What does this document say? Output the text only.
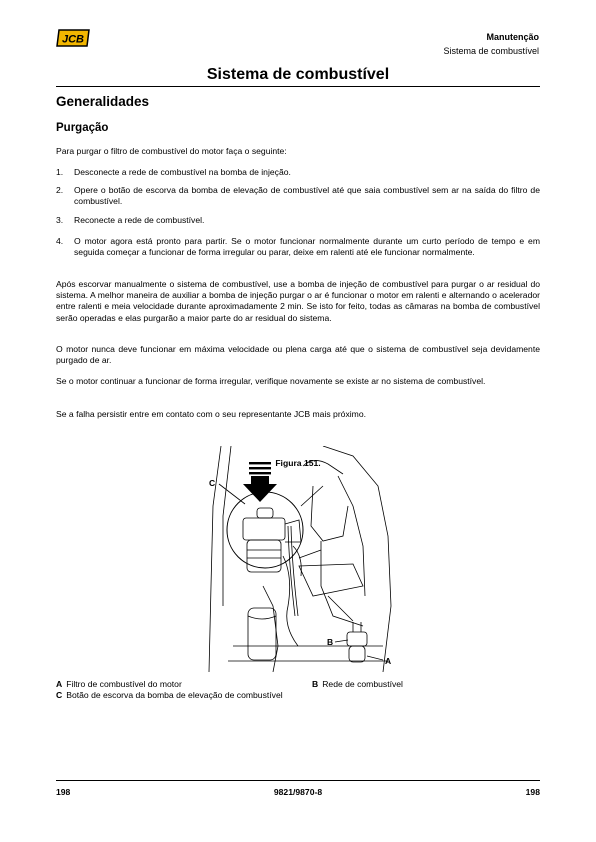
JCB	Manutenção
Sistema de combustível
Sistema de combustível
Generalidades
Purgação
Para purgar o filtro de combustível do motor faça o seguinte:
1. Desconecte a rede de combustível na bomba de injeção.
2. Opere o botão de escorva da bomba de elevação de combustível até que saia combustível sem ar na saída do filtro de combustível.
3. Reconecte a rede de combustível.
4. O motor agora está pronto para partir. Se o motor funcionar normalmente durante um curto período de tempo e em seguida começar a funcionar de forma irregular ou parar, deixe em ralenti até ele funcionar normalmente.
Após escorvar manualmente o sistema de combustível, use a bomba de injeção de combustível para purgar o ar residual do sistema. A melhor maneira de auxiliar a bomba de injeção purgar o ar é funcionar o motor em ralenti e alternando o acelerador entre ralenti e meia velocidade durante aproximadamente 2 min. Se isto for feito, todas as câmaras na bomba de combustível serão operadas e elas purgarão a maior parte do ar residual do sistema.
O motor nunca deve funcionar em máxima velocidade ou plena carga até que o sistema de combustível seja devidamente purgado de ar.
Se o motor continuar a funcionar de forma irregular, verifique novamente se existe ar no sistema de combustível.
Se a falha persistir entre em contato com o seu representante JCB mais próximo.
Figura 151.
C
B
A
A Filtro de combustível do motor
C Botão de escorva da bomba de elevação de combustível
B Rede de combustível
198	9821/9870-8	198
